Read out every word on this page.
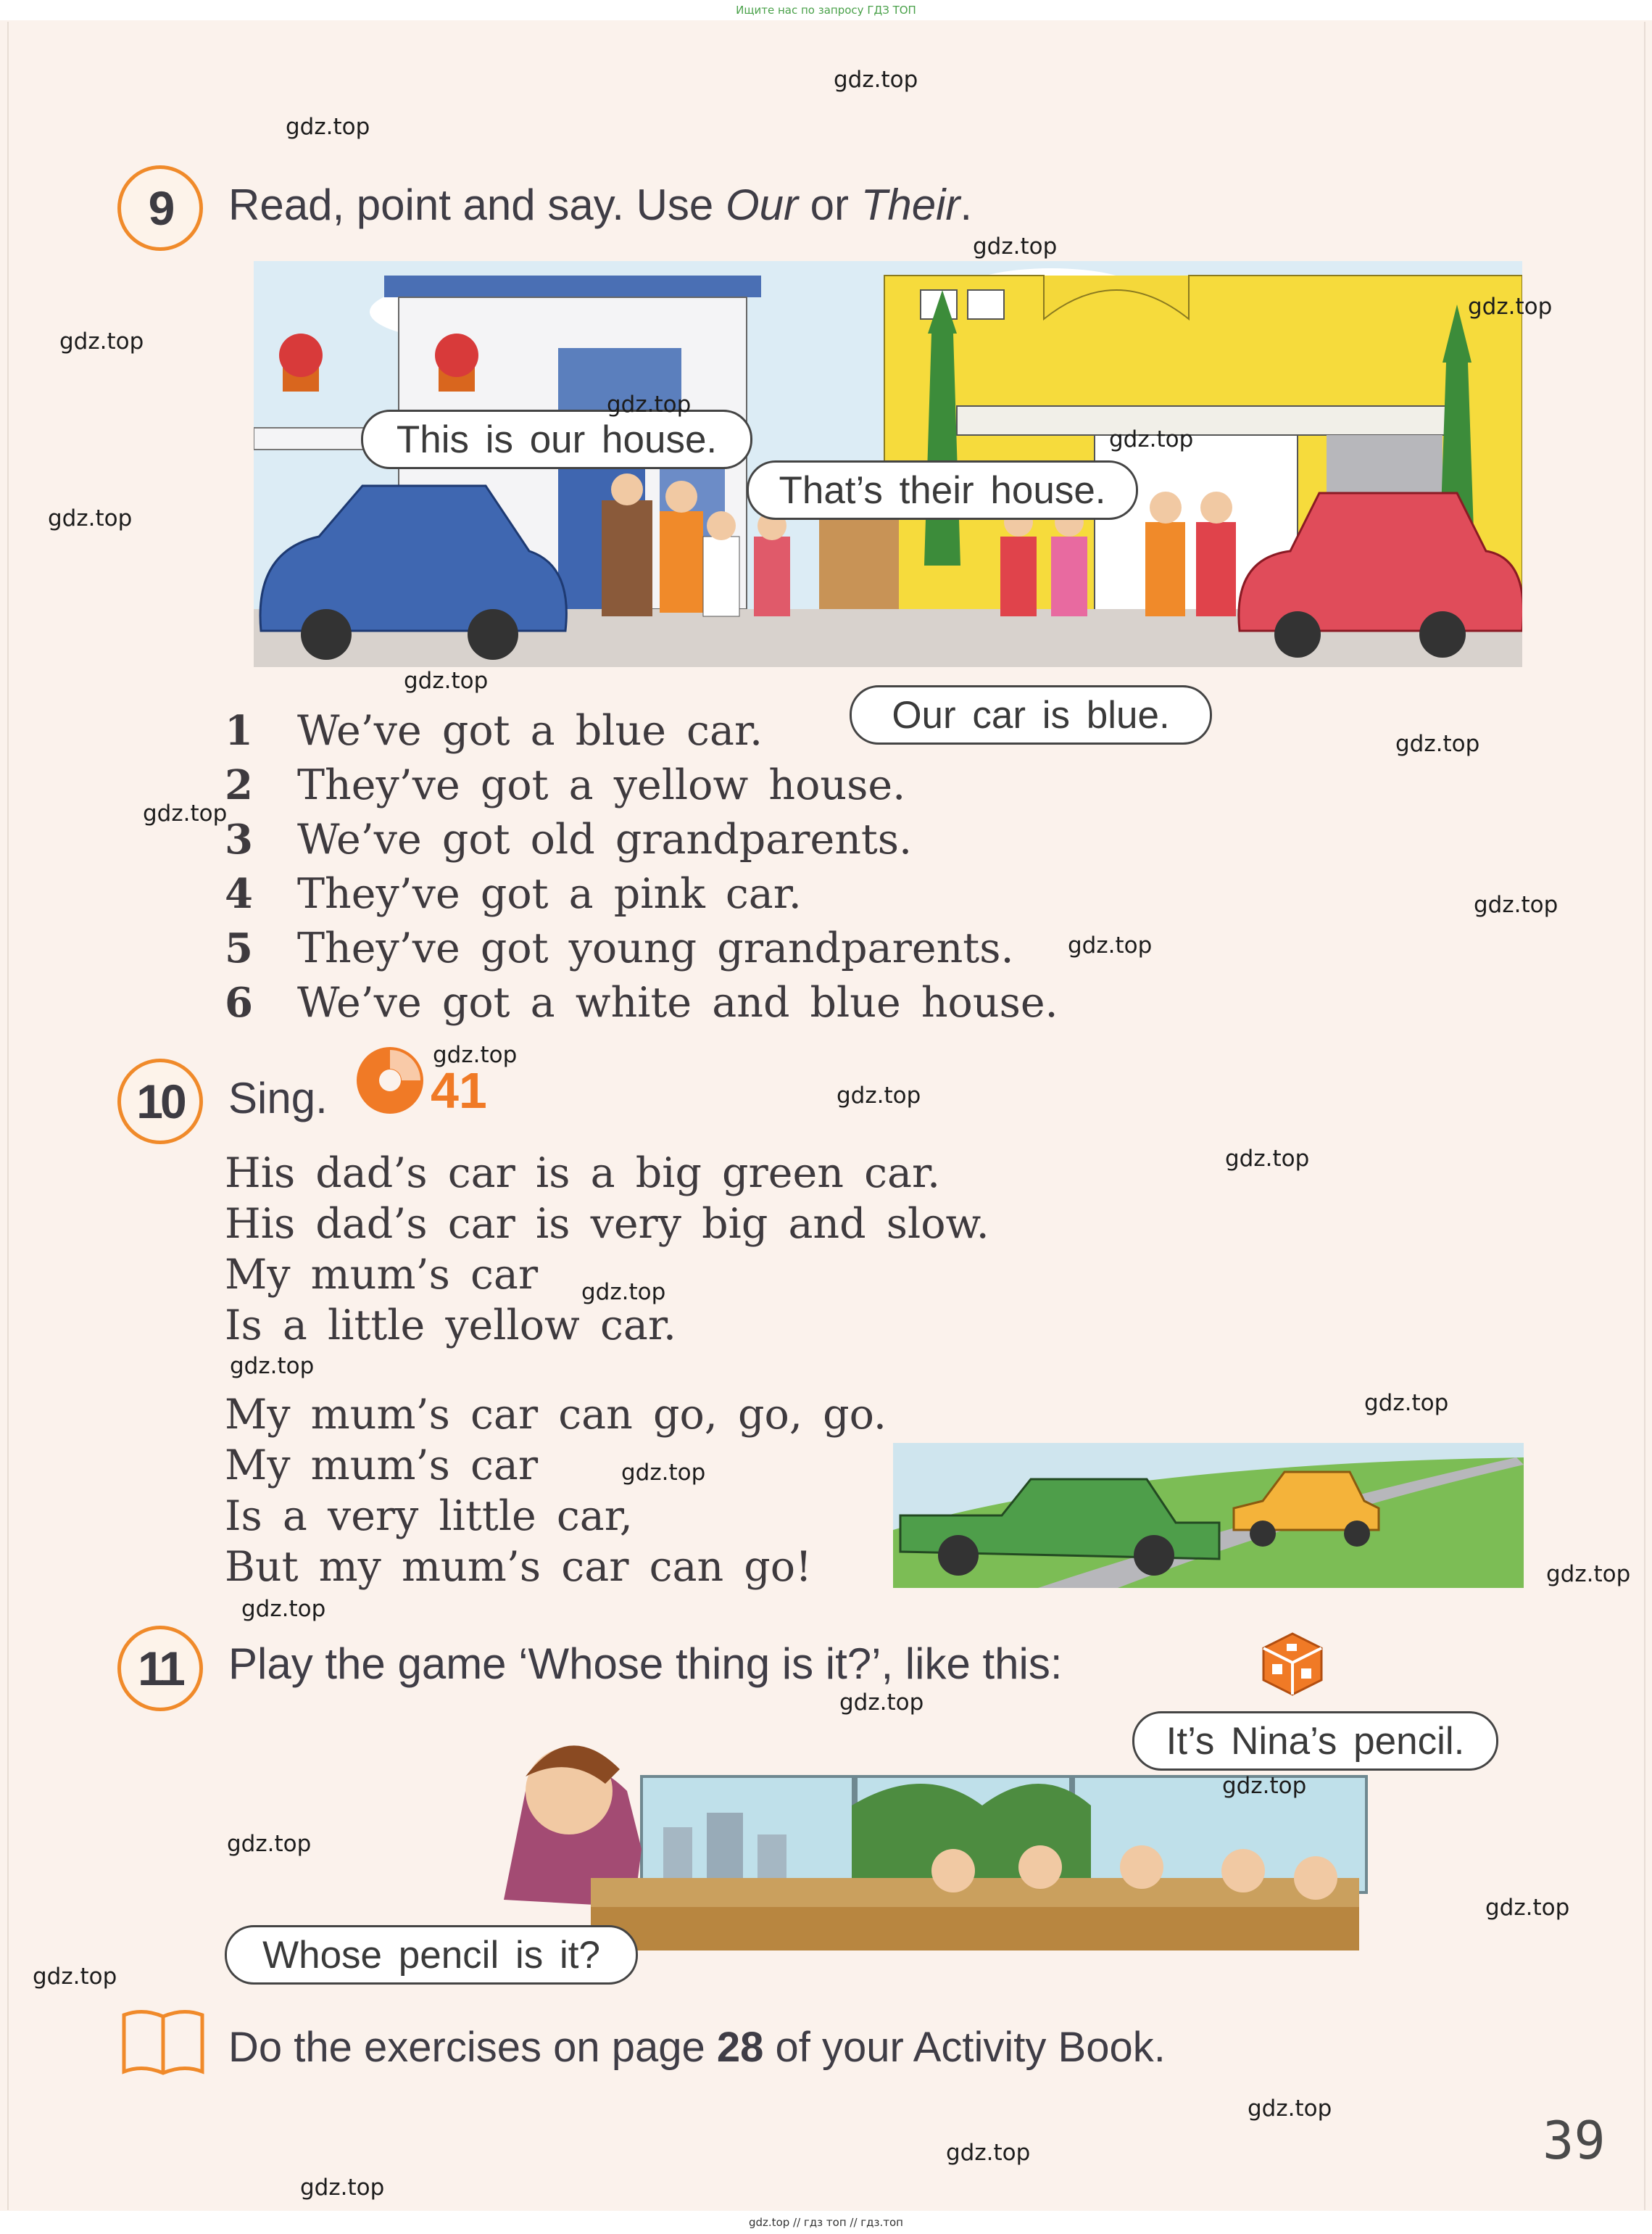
Ищите нас по запросу ГДЗ ТОП
9	Read, point and say. Use Our or Their.
This is our house.
That’s their house.
1 We’ve got a blue car.	Our car is blue.
2 They’ve got a yellow house.
3 We’ve got old grandparents.
4 They’ve got a pink car.
5 They’ve got young grandparents.
6 We’ve got a white and blue house.
10	Sing. 41
His dad’s car is a big green car.
His dad’s car is very big and slow.
My mum’s car
Is a little yellow car.
My mum’s car can go, go, go.
My mum’s car
Is a very little car,
But my mum’s car can go!
11	Play the game ‘Whose thing is it?’, like this:
It’s Nina’s pencil.
Whose pencil is it?
Do the exercises on page 28 of your Activity Book.
39
gdz.top
gdz.top
gdz.top
gdz.top
gdz.top
gdz.top
gdz.top
gdz.top
gdz.top
gdz.top
gdz.top
gdz.top
gdz.top
gdz.top
gdz.top
gdz.top
gdz.top
gdz.top
gdz.top
gdz.top
gdz.top
gdz.top
gdz.top
gdz.top
gdz.top
gdz.top
gdz.top
gdz.top
gdz.top
gdz.top
gdz.top // гдз топ // гдз.топ
